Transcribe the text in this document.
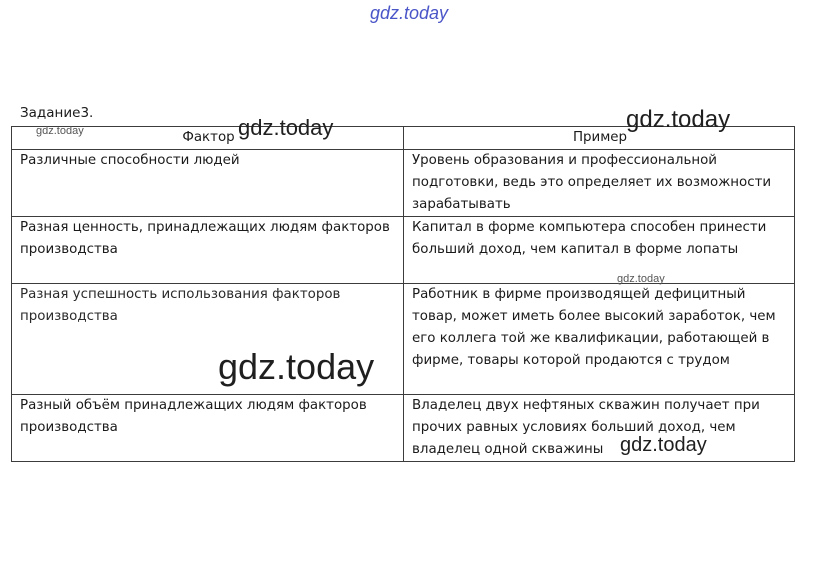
Задание3.
Фактор	Пример
Различные способности людей	Уровень образования и профессиональной подготовки, ведь это определяет их возможности зарабатывать
Разная ценность, принадлежащих людям факторов производства	Капитал в форме компьютера способен принести больший доход, чем капитал в форме лопаты
Разная успешность использования факторов производства	Работник в фирме производящей дефицитный товар, может иметь более высокий заработок, чем его коллега той же квалификации, работающей в фирме, товары которой продаются с трудом
Разный объём принадлежащих людям факторов производства	Владелец двух нефтяных скважин получает при прочих равных условиях больший доход, чем владелец одной скважины
gdz.today
gdz.today	gdz.today	gdz.today
gdz.today
gdz.today
gdz.today
